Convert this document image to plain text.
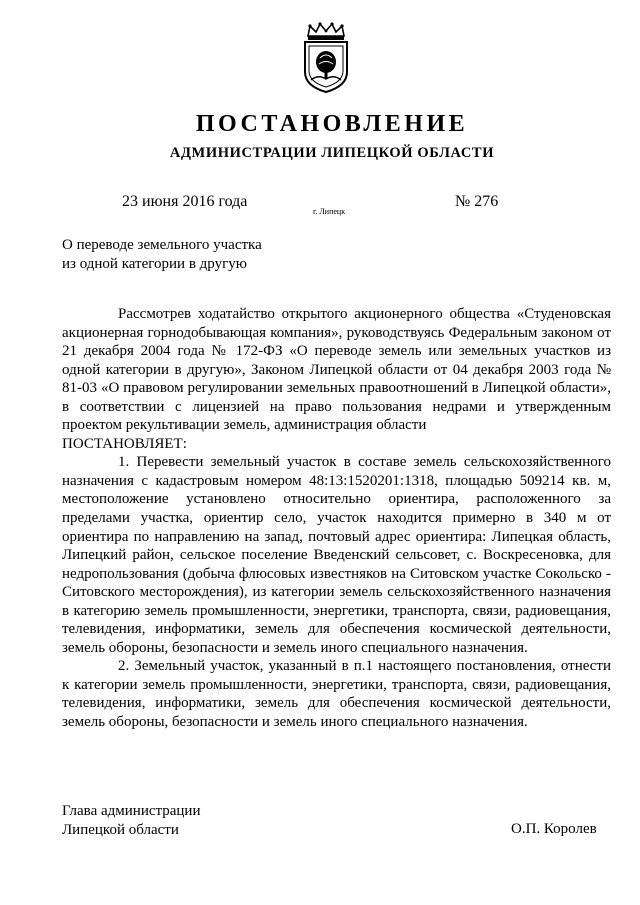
ПОСТАНОВЛЕНИЕ
АДМИНИСТРАЦИИ ЛИПЕЦКОЙ ОБЛАСТИ
23 июня 2016 года
г. Липецк
№ 276
О переводе земельного участка
из одной категории в другую

Рассмотрев ходатайство открытого акционерного общества «Студеновская акционерная горнодобывающая компания», руководствуясь Федеральным законом от 21 декабря 2004 года № 172-ФЗ «О переводе земель или земельных участков из одной категории в другую», Законом Липецкой области от 04 декабря 2003 года № 81-03 «О правовом регулировании земельных правоотношений в Липецкой области», в соответствии с лицензией на право пользования недрами и утвержденным проектом рекультивации земель, администрация области

ПОСТАНОВЛЯЕТ:

1. Перевести земельный участок в составе земель сельскохозяйственного назначения с кадастровым номером 48:13:1520201:1318, площадью 509214 кв. м, местоположение установлено относительно ориентира, расположенного за пределами участка, ориентир село, участок находится примерно в 340 м от ориентира по направлению на запад, почтовый адрес ориентира: Липецкая область, Липецкий район, сельское поселение Введенский сельсовет, с. Воскресеновка, для недропользования (добыча флюсовых известняков на Ситовском участке Сокольско - Ситовского месторождения), из категории земель сельскохозяйственного назначения в категорию земель промышленности, энергетики, транспорта, связи, радиовещания, телевидения, информатики, земель для обеспечения космической деятельности, земель обороны, безопасности и земель иного специального назначения.

2. Земельный участок, указанный в п.1 настоящего постановления, отнести к категории земель промышленности, энергетики, транспорта, связи, радиовещания, телевидения, информатики, земель для обеспечения космической деятельности, земель обороны, безопасности и земель иного специального назначения.

Глава администрации
Липецкой области	О.П. Королев
